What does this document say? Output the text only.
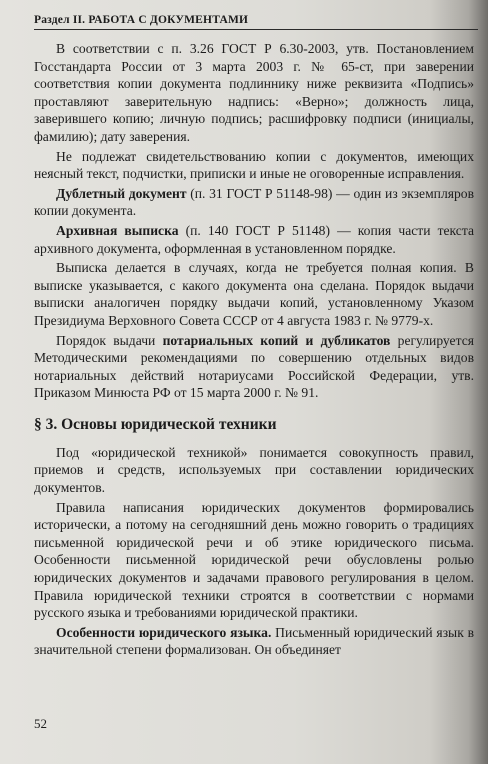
Раздел II. РАБОТА С ДОКУМЕНТАМИ

В соответствии с п. 3.26 ГОСТ Р 6.30-2003, утв. Постановлением Госстандарта России от 3 марта 2003 г. № 65-ст, при заверении соответствия копии документа подлиннику ниже реквизита «Подпись» проставляют заверительную надпись: «Верно»; должность лица, заверившего копию; личную подпись; расшифровку подписи (инициалы, фамилию); дату заверения.

Не подлежат свидетельствованию копии с документов, имеющих неясный текст, подчистки, приписки и иные не оговоренные исправления.

Дублетный документ (п. 31 ГОСТ Р 51148-98) — один из экземпляров копии документа.

Архивная выписка (п. 140 ГОСТ Р 51148) — копия части текста архивного документа, оформленная в установленном порядке.

Выписка делается в случаях, когда не требуется полная копия. В выписке указывается, с какого документа она сделана. Порядок выдачи выписки аналогичен порядку выдачи копий, установленному Указом Президиума Верховного Совета СССР от 4 августа 1983 г. № 9779-х.

Порядок выдачи потариальных копий и дубликатов регулируется Методическими рекомендациями по совершению отдельных видов нотариальных действий нотариусами Российской Федерации, утв. Приказом Минюста РФ от 15 марта 2000 г. № 91.

§ 3. Основы юридической техники

Под «юридической техникой» понимается совокупность правил, приемов и средств, используемых при составлении юридических документов.

Правила написания юридических документов формировались исторически, а потому на сегодняшний день можно говорить о традициях письменной юридической речи и об этике юридического письма. Особенности письменной юридической речи обусловлены ролью юридических документов и задачами правового регулирования в целом. Правила юридической техники строятся в соответствии с нормами русского языка и требованиями юридической практики.

Особенности юридического языка. Письменный юридический язык в значительной степени формализован. Он объединяет

52
